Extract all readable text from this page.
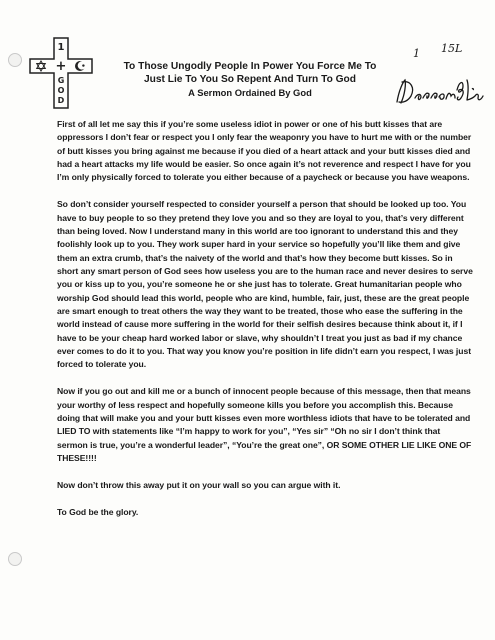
1
+
G
O
D
To Those Ungodly People In Power You Force Me To
Just Lie To You So Repent And Turn To God
A Sermon Ordained By God
1 15L

First of all let me say this if you’re some useless idiot in power or one of his butt kisses that are oppressors I don’t fear or respect you I only fear the weaponry you have to hurt me with or the number of butt kisses you bring against me because if you died of a heart attack and your butt kisses died and had a heart attacks my life would be easier. So once again it’s not reverence and respect I have for you I’m only physically forced to tolerate you either because of a paycheck or because you have weapons.

So don’t consider yourself respected to consider yourself a person that should be looked up too. You have to buy people to so they pretend they love you and so they are loyal to you, that’s very different than being loved. Now I understand many in this world are too ignorant to understand this and they foolishly look up to you. They work super hard in your service so hopefully you’ll like them and give them an extra crumb, that’s the naivety of the world and that’s how they become butt kisses. So in short any smart person of God sees how useless you are to the human race and never desires to serve you or kiss up to you, you’re someone he or she just has to tolerate. Great humanitarian people who worship God should lead this world, people who are kind, humble, fair, just, these are the great people are smart enough to treat others the way they want to be treated, those who ease the suffering in the world instead of cause more suffering in the world for their selfish desires because think about it, if I have to be your cheap hard worked labor or slave, why shouldn’t I treat you just as bad if my chance ever comes to do it to you. That way you know you’re position in life didn’t earn you respect, I was just forced to tolerate you.

Now if you go out and kill me or a bunch of innocent people because of this message, then that means your worthy of less respect and hopefully someone kills you before you accomplish this. Because doing that will make you and your butt kisses even more worthless idiots that have to be tolerated and LIED TO with statements like “I’m happy to work for you”, “Yes sir” “Oh no sir I don’t think that sermon is true, you’re a wonderful leader”, “You’re the great one”, OR SOME OTHER LIE LIKE ONE OF THESE!!!!

Now don’t throw this away put it on your wall so you can argue with it.

To God be the glory.
